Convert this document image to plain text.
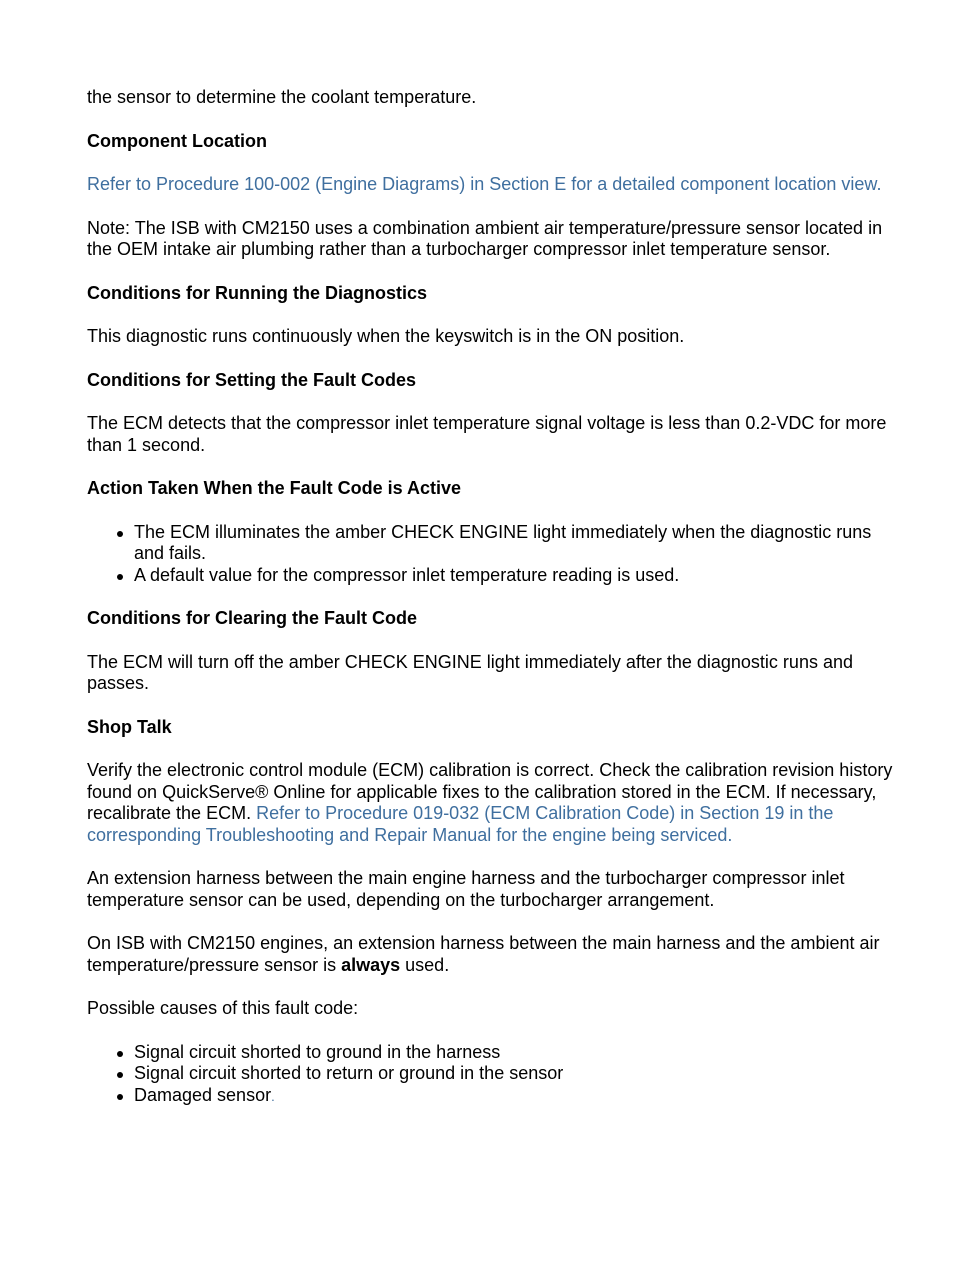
the sensor to determine the coolant temperature.

Component Location

Refer to Procedure 100-002 (Engine Diagrams) in Section E for a detailed component location view.

Note: The ISB with CM2150 uses a combination ambient air temperature/pressure sensor located in the OEM intake air plumbing rather than a turbocharger compressor inlet temperature sensor.

Conditions for Running the Diagnostics

This diagnostic runs continuously when the keyswitch is in the ON position.

Conditions for Setting the Fault Codes

The ECM detects that the compressor inlet temperature signal voltage is less than 0.2-VDC for more than 1 second.

Action Taken When the Fault Code is Active
The ECM illuminates the amber CHECK ENGINE light immediately when the diagnostic runs and fails.
A default value for the compressor inlet temperature reading is used.
Conditions for Clearing the Fault Code

The ECM will turn off the amber CHECK ENGINE light immediately after the diagnostic runs and passes.

Shop Talk

Verify the electronic control module (ECM) calibration is correct. Check the calibration revision history found on QuickServe® Online for applicable fixes to the calibration stored in the ECM. If necessary, recalibrate the ECM. Refer to Procedure 019-032 (ECM Calibration Code) in Section 19 in the corresponding Troubleshooting and Repair Manual for the engine being serviced.

An extension harness between the main engine harness and the turbocharger compressor inlet temperature sensor can be used, depending on the turbocharger arrangement.

On ISB with CM2150 engines, an extension harness between the main harness and the ambient air temperature/pressure sensor is always used.

Possible causes of this fault code:

Signal circuit shorted to ground in the harness
Signal circuit shorted to return or ground in the sensor
Damaged sensor.
